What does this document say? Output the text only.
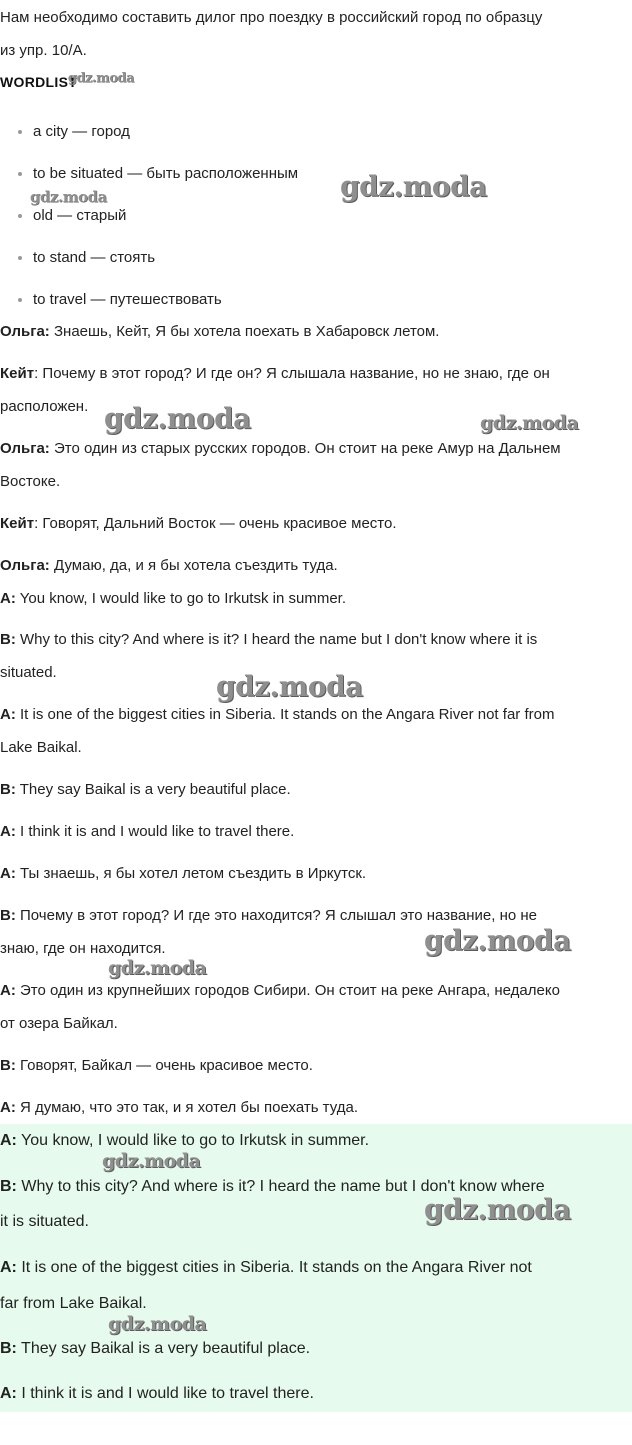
Нам необходимо составить дилог про поездку в российский город по образцу
из упр. 10/А.
WORDLIST
gdz.moda
a city — город
to be situated — быть расположенным
old — старый
to stand — стоять
to travel — путешествовать
gdz.moda	gdz.moda
Ольга: Знаешь, Кейт, Я бы хотела поехать в Хабаровск летом.
Кейт: Почему в этот город? И где он? Я слышала название, но не знаю, где он
расположен. gdz.moda	gdz.moda
Ольга: Это один из старых русских городов. Он стоит на реке Амур на Дальнем
Востоке.
Кейт: Говорят, Дальний Восток — очень красивое место.
Ольга: Думаю, да, и я бы хотела съездить туда.
A: You know, I would like to go to Irkutsk in summer.
B: Why to this city? And where is it? I heard the name but I don't know where it is
situated.	gdz.moda
A: It is one of the biggest cities in Siberia. It stands on the Angara River not far from
Lake Baikal.
B: They say Baikal is a very beautiful place.
A: I think it is and I would like to travel there.
A: Ты знаешь, я бы хотел летом съездить в Иркутск.
B: Почему в этот город? И где это находится? Я слышал это название, но не
знаю, где он находится.	gdz.moda
gdz.moda
A: Это один из крупнейших городов Сибири. Он стоит на реке Ангара, недалеко
от озера Байкал.
B: Говорят, Байкал — очень красивое место.
A: Я думаю, что это так, и я хотел бы поехать туда.
A: You know, I would like to go to Irkutsk in summer.
gdz.moda
B: Why to this city? And where is it? I heard the name but I don't know where
it is situated.	gdz.moda
A: It is one of the biggest cities in Siberia. It stands on the Angara River not
far from Lake Baikal.
gdz.moda
B: They say Baikal is a very beautiful place.
A: I think it is and I would like to travel there.
